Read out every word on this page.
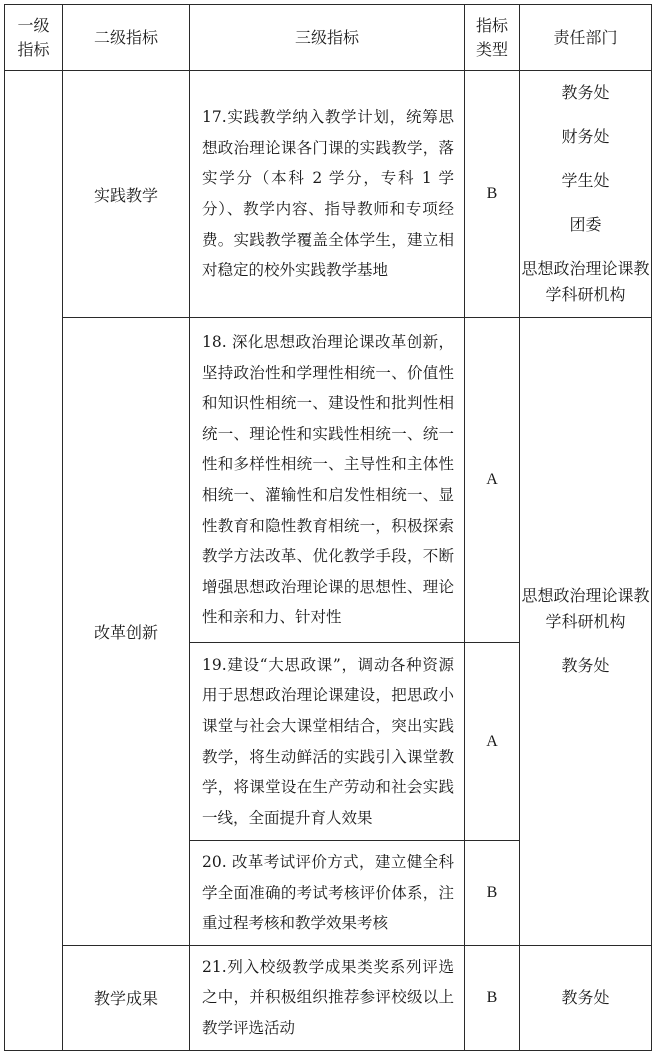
一级指标	二级指标	三级指标	指标类型	责任部门
	实践教学	17.实践教学纳入教学计划，统筹思想政治理论课各门课的实践教学，落实学分（本科 2 学分，专科 1 学分）、教学内容、指导教师和专项经费。实践教学覆盖全体学生，建立相对稳定的校外实践教学基地	B	教务处
财务处
学生处
团委
思想政治理论课教学科研机构

	改革创新	18. 深化思想政治理论课改革创新，坚持政治性和学理性相统一、价值性和知识性相统一、建设性和批判性相统一、理论性和实践性相统一、统一性和多样性相统一、主导性和主体性相统一、灌输性和启发性相统一、显性教育和隐性教育相统一，积极探索教学方法改革、优化教学手段，不断增强思想政治理论课的思想性、理论性和亲和力、针对性	A	思想政治理论课教学科研机构
教务处

		19.建设“大思政课”，调动各种资源用于思想政治理论课建设，把思政小课堂与社会大课堂相结合，突出实践教学，将生动鲜活的实践引入课堂教学，将课堂设在生产劳动和社会实践一线，全面提升育人效果	A	
		20. 改革考试评价方式，建立健全科学全面准确的考试考核评价体系，注重过程考核和教学效果考核	B	
	教学成果	21.列入校级教学成果类奖系列评选之中，并积极组织推荐参评校级以上教学评选活动	B	教务处
